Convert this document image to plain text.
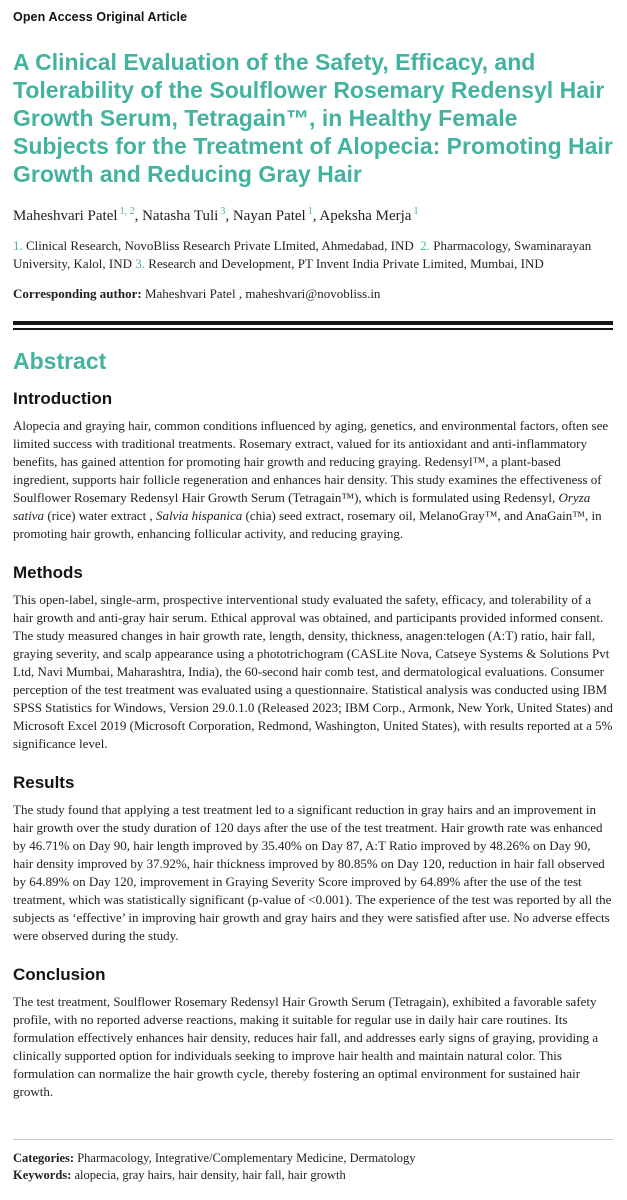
Open Access Original Article
A Clinical Evaluation of the Safety, Efficacy, and Tolerability of the Soulflower Rosemary Redensyl Hair Growth Serum, Tetragain™, in Healthy Female Subjects for the Treatment of Alopecia: Promoting Hair Growth and Reducing Gray Hair

Maheshvari Patel $^{1, 2}$, Natasha Tuli $^3$, Nayan Patel $^1$, Apeksha Merja $^1$

1. Clinical Research, NovoBliss Research Private LImited, Ahmedabad, IND 2. Pharmacology, Swaminarayan University, Kalol, IND 3. Research and Development, PT Invent India Private Limited, Mumbai, IND

Corresponding author: Maheshvari Patel , maheshvari@novobliss.in

Abstract
Introduction

Alopecia and graying hair, common conditions influenced by aging, genetics, and environmental factors, often see limited success with traditional treatments. Rosemary extract, valued for its antioxidant and anti-inflammatory benefits, has gained attention for promoting hair growth and reducing graying. Redensyl™, a plant-based ingredient, supports hair follicle regeneration and enhances hair density. This study examines the effectiveness of Soulflower Rosemary Redensyl Hair Growth Serum (Tetragain™), which is formulated using Redensyl, Oryza sativa (rice) water extract , Salvia hispanica (chia) seed extract, rosemary oil, MelanoGray™, and AnaGain™, in promoting hair growth, enhancing follicular activity, and reducing graying.

Methods

This open-label, single-arm, prospective interventional study evaluated the safety, efficacy, and tolerability of a hair growth and anti-gray hair serum. Ethical approval was obtained, and participants provided informed consent. The study measured changes in hair growth rate, length, density, thickness, anagen:telogen (A:T) ratio, hair fall, graying severity, and scalp appearance using a phototrichogram (CASLite Nova, Catseye Systems & Solutions Pvt Ltd, Navi Mumbai, Maharashtra, India), the 60-second hair comb test, and dermatological evaluations. Consumer perception of the test treatment was evaluated using a questionnaire. Statistical analysis was conducted using IBM SPSS Statistics for Windows, Version 29.0.1.0 (Released 2023; IBM Corp., Armonk, New York, United States) and Microsoft Excel 2019 (Microsoft Corporation, Redmond, Washington, United States), with results reported at a 5% significance level.

Results

The study found that applying a test treatment led to a significant reduction in gray hairs and an improvement in hair growth over the study duration of 120 days after the use of the test treatment. Hair growth rate was enhanced by 46.71% on Day 90, hair length improved by 35.40% on Day 87, A:T Ratio improved by 48.26% on Day 90, hair density improved by 37.92%, hair thickness improved by 80.85% on Day 120, reduction in hair fall observed by 64.89% on Day 120, improvement in Graying Severity Score improved by 64.89% after the use of the test treatment, which was statistically significant (p-value of <0.001). The experience of the test was reported by all the subjects as ‘effective’ in improving hair growth and gray hairs and they were satisfied after use. No adverse effects were observed during the study.

Conclusion

The test treatment, Soulflower Rosemary Redensyl Hair Growth Serum (Tetragain), exhibited a favorable safety profile, with no reported adverse reactions, making it suitable for regular use in daily hair care routines. Its formulation effectively enhances hair density, reduces hair fall, and addresses early signs of graying, providing a clinically supported option for individuals seeking to improve hair health and maintain natural color. This formulation can normalize the hair growth cycle, thereby fostering an optimal environment for sustained hair growth.

Categories: Pharmacology, Integrative/Complementary Medicine, Dermatology
Keywords: alopecia, gray hairs, hair density, hair fall, hair growth
